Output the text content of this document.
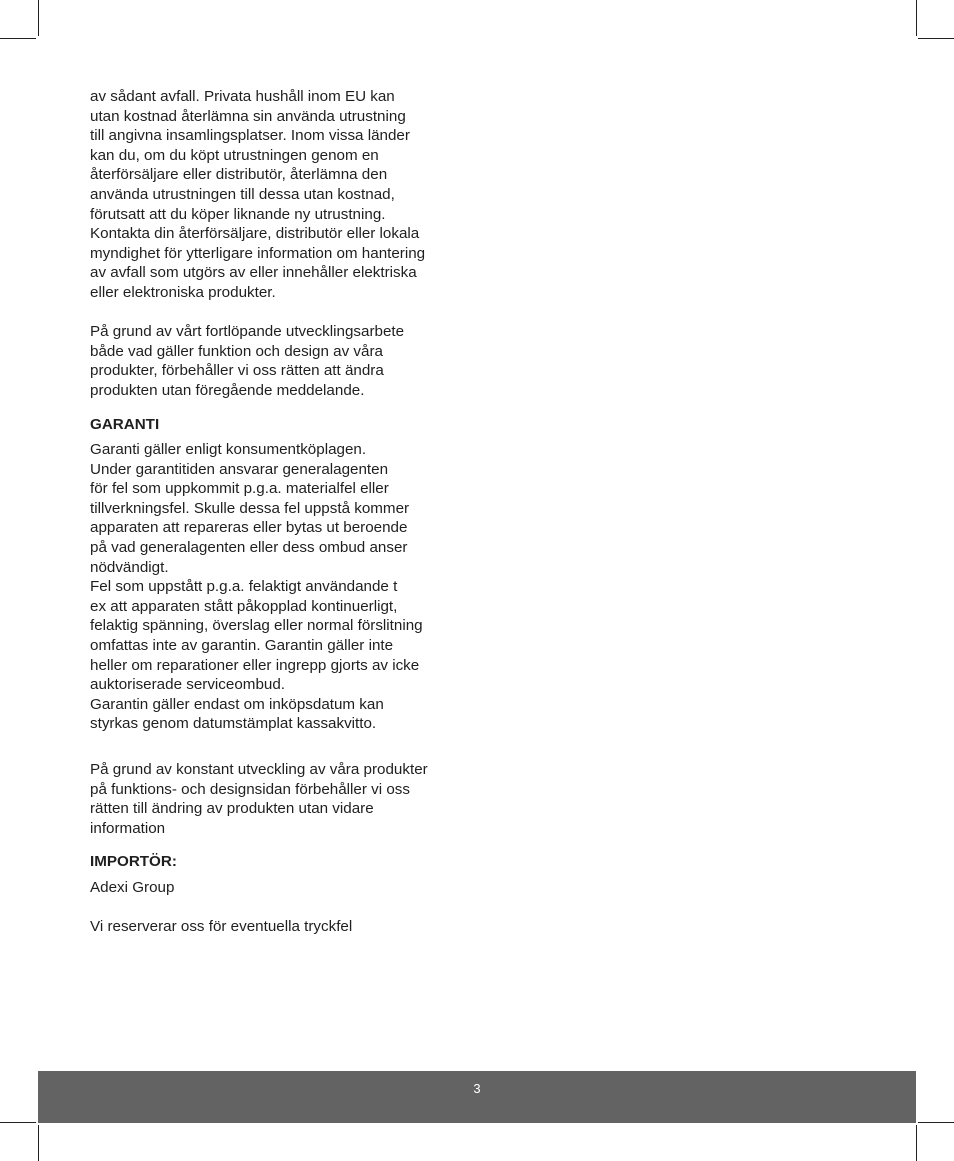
av sådant avfall. Privata hushåll inom EU kan
utan kostnad återlämna sin använda utrustning
till angivna insamlingsplatser. Inom vissa länder
kan du, om du köpt utrustningen genom en
återförsäljare eller distributör, återlämna den
använda utrustningen till dessa utan kostnad,
förutsatt att du köper liknande ny utrustning.
Kontakta din återförsäljare, distributör eller lokala
myndighet för ytterligare information om hantering
av avfall som utgörs av eller innehåller elektriska
eller elektroniska produkter.

På grund av vårt fortlöpande utvecklingsarbete
både vad gäller funktion och design av våra
produkter, förbehåller vi oss rätten att ändra
produkten utan föregående meddelande.

GARANTI

Garanti gäller enligt konsumentköplagen.
Under garantitiden ansvarar generalagenten
för fel som uppkommit p.g.a. materialfel eller
tillverkningsfel. Skulle dessa fel uppstå kommer
apparaten att repareras eller bytas ut beroende
på vad generalagenten eller dess ombud anser
nödvändigt.
Fel som uppstått p.g.a. felaktigt användande t
ex att apparaten stått påkopplad kontinuerligt,
felaktig spänning, överslag eller normal förslitning
omfattas inte av garantin. Garantin gäller inte
heller om reparationer eller ingrepp gjorts av icke
auktoriserade serviceombud.
Garantin gäller endast om inköpsdatum kan
styrkas genom datumstämplat kassakvitto.

På grund av konstant utveckling av våra produkter
på funktions- och designsidan förbehåller vi oss
rätten till ändring av produkten utan vidare
information

IMPORTÖR:

Adexi Group

Vi reserverar oss för eventuella tryckfel

3
